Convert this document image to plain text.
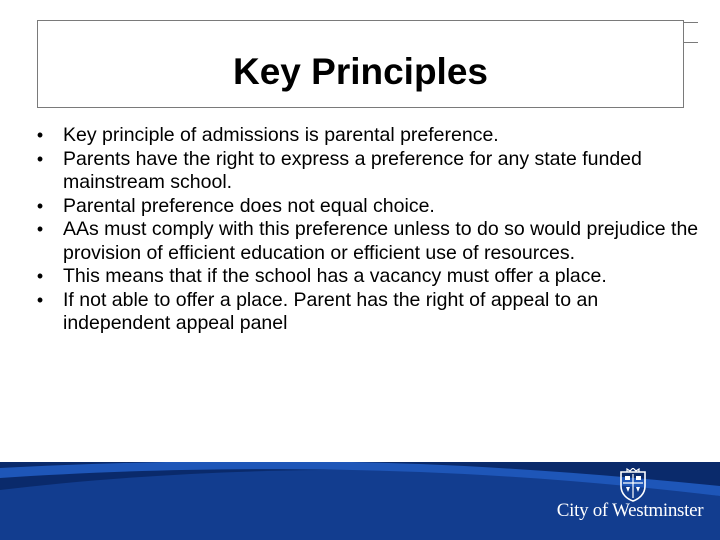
Key Principles
•	Key principle of admissions is parental preference.
•	Parents have the right to express a preference for any state funded mainstream school.
•	Parental preference does not equal choice.
•	AAs must comply with this preference unless to do so would prejudice the provision of efficient education or efficient use of resources.
•	This means that if the school has a vacancy must offer a place.
•	If not able to offer a place. Parent has the right of appeal to an independent appeal panel
City of Westminster
